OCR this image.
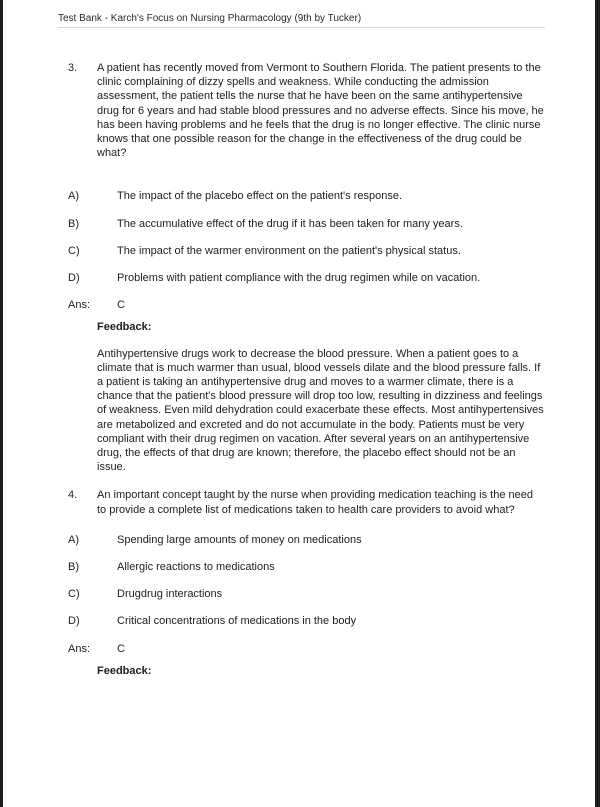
Test Bank - Karch's Focus on Nursing Pharmacology (9th by Tucker)
3.	A patient has recently moved from Vermont to Southern Florida. The patient presents to the clinic complaining of dizzy spells and weakness. While conducting the admission assessment, the patient tells the nurse that he have been on the same antihypertensive drug for 6 years and had stable blood pressures and no adverse effects. Since his move, he has been having problems and he feels that the drug is no longer effective. The clinic nurse knows that one possible reason for the change in the effectiveness of the drug could be what?
A)	The impact of the placebo effect on the patient's response.
B)	The accumulative effect of the drug if it has been taken for many years.
C)	The impact of the warmer environment on the patient's physical status.
D)	Problems with patient compliance with the drug regimen while on vacation.
Ans:	C
Feedback:
Antihypertensive drugs work to decrease the blood pressure. When a patient goes to a climate that is much warmer than usual, blood vessels dilate and the blood pressure falls. If a patient is taking an antihypertensive drug and moves to a warmer climate, there is a chance that the patient's blood pressure will drop too low, resulting in dizziness and feelings of weakness. Even mild dehydration could exacerbate these effects. Most antihypertensives are metabolized and excreted and do not accumulate in the body. Patients must be very compliant with their drug regimen on vacation. After several years on an antihypertensive drug, the effects of that drug are known; therefore, the placebo effect should not be an issue.
4.	An important concept taught by the nurse when providing medication teaching is the need to provide a complete list of medications taken to health care providers to avoid what?
A)	Spending large amounts of money on medications
B)	Allergic reactions to medications
C)	Drugdrug interactions
D)	Critical concentrations of medications in the body
Ans:	C
Feedback:
